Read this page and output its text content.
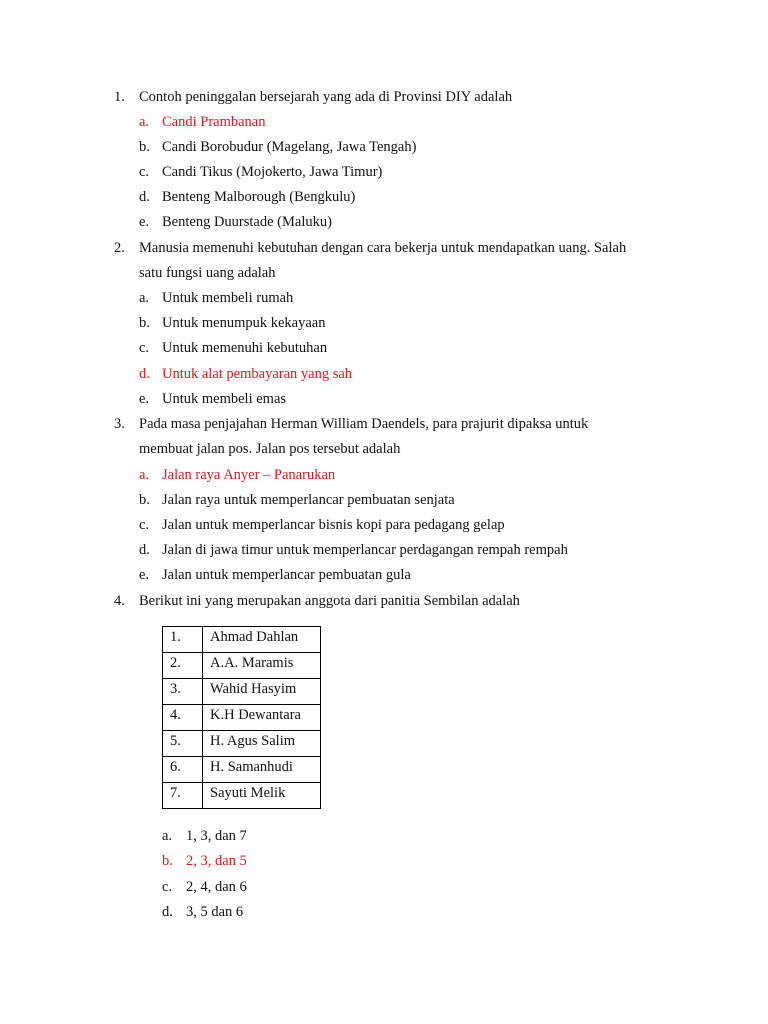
1. Contoh peninggalan bersejarah yang ada di Provinsi DIY adalah
a. Candi Prambanan
b. Candi Borobudur (Magelang, Jawa Tengah)
c. Candi Tikus (Mojokerto, Jawa Timur)
d. Benteng Malborough (Bengkulu)
e. Benteng Duurstade (Maluku)
2. Manusia memenuhi kebutuhan dengan cara bekerja untuk mendapatkan uang. Salah
satu fungsi uang adalah
a. Untuk membeli rumah
b. Untuk menumpuk kekayaan
c. Untuk memenuhi kebutuhan
d. Untuk alat pembayaran yang sah
e. Untuk membeli emas
3. Pada masa penjajahan Herman William Daendels, para prajurit dipaksa untuk
membuat jalan pos. Jalan pos tersebut adalah
a. Jalan raya Anyer – Panarukan
b. Jalan raya untuk memperlancar pembuatan senjata
c. Jalan untuk memperlancar bisnis kopi para pedagang gelap
d. Jalan di jawa timur untuk memperlancar perdagangan rempah rempah
e. Jalan untuk memperlancar pembuatan gula
4. Berikut ini yang merupakan anggota dari panitia Sembilan adalah
1.	Ahmad Dahlan
2.	A.A. Maramis
3.	Wahid Hasyim
4.	K.H Dewantara
5.	H. Agus Salim
6.	H. Samanhudi
7.	Sayuti Melik
a. 1, 3, dan 7
b. 2, 3, dan 5
c. 2, 4, dan 6
d. 3, 5 dan 6
